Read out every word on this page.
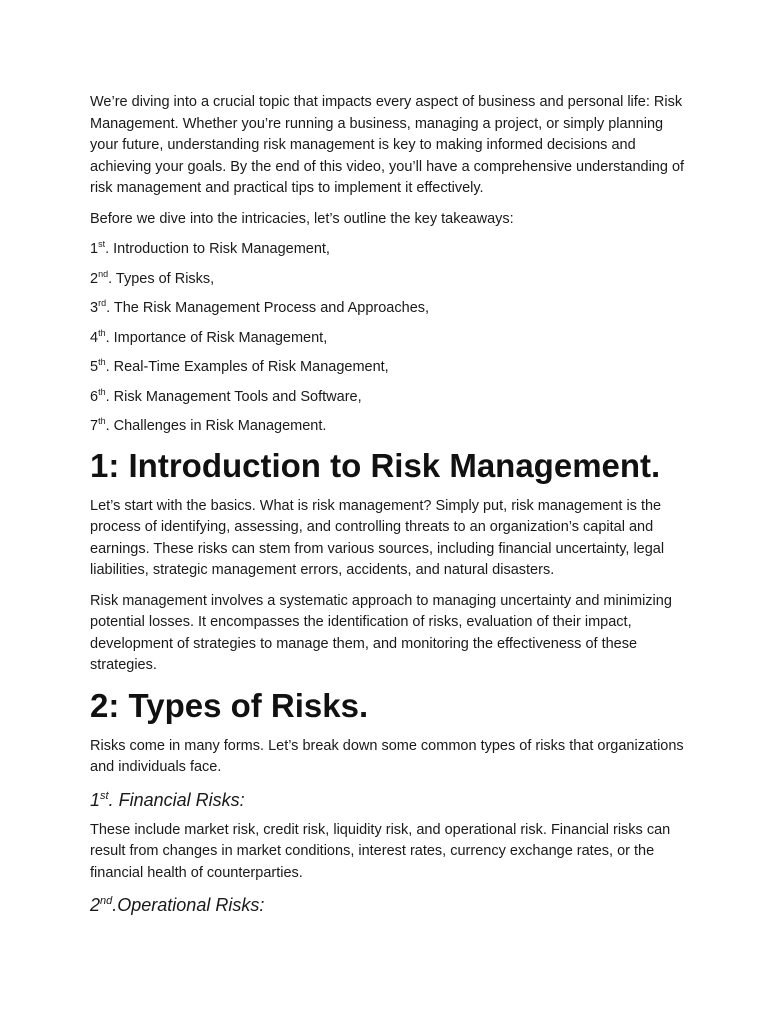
We’re diving into a crucial topic that impacts every aspect of business and personal life: Risk Management. Whether you’re running a business, managing a project, or simply planning your future, understanding risk management is key to making informed decisions and achieving your goals. By the end of this video, you’ll have a comprehensive understanding of risk management and practical tips to implement it effectively.

Before we dive into the intricacies, let’s outline the key takeaways:

1st. Introduction to Risk Management,
2nd. Types of Risks,
3rd. The Risk Management Process and Approaches,
4th. Importance of Risk Management,
5th. Real-Time Examples of Risk Management,
6th. Risk Management Tools and Software,
7th. Challenges in Risk Management.
1: Introduction to Risk Management.

Let’s start with the basics. What is risk management? Simply put, risk management is the process of identifying, assessing, and controlling threats to an organization’s capital and earnings. These risks can stem from various sources, including financial uncertainty, legal liabilities, strategic management errors, accidents, and natural disasters.

Risk management involves a systematic approach to managing uncertainty and minimizing potential losses. It encompasses the identification of risks, evaluation of their impact, development of strategies to manage them, and monitoring the effectiveness of these strategies.

2: Types of Risks.

Risks come in many forms. Let’s break down some common types of risks that organizations and individuals face.

1st. Financial Risks:

These include market risk, credit risk, liquidity risk, and operational risk. Financial risks can result from changes in market conditions, interest rates, currency exchange rates, or the financial health of counterparties.

2nd.Operational Risks:
